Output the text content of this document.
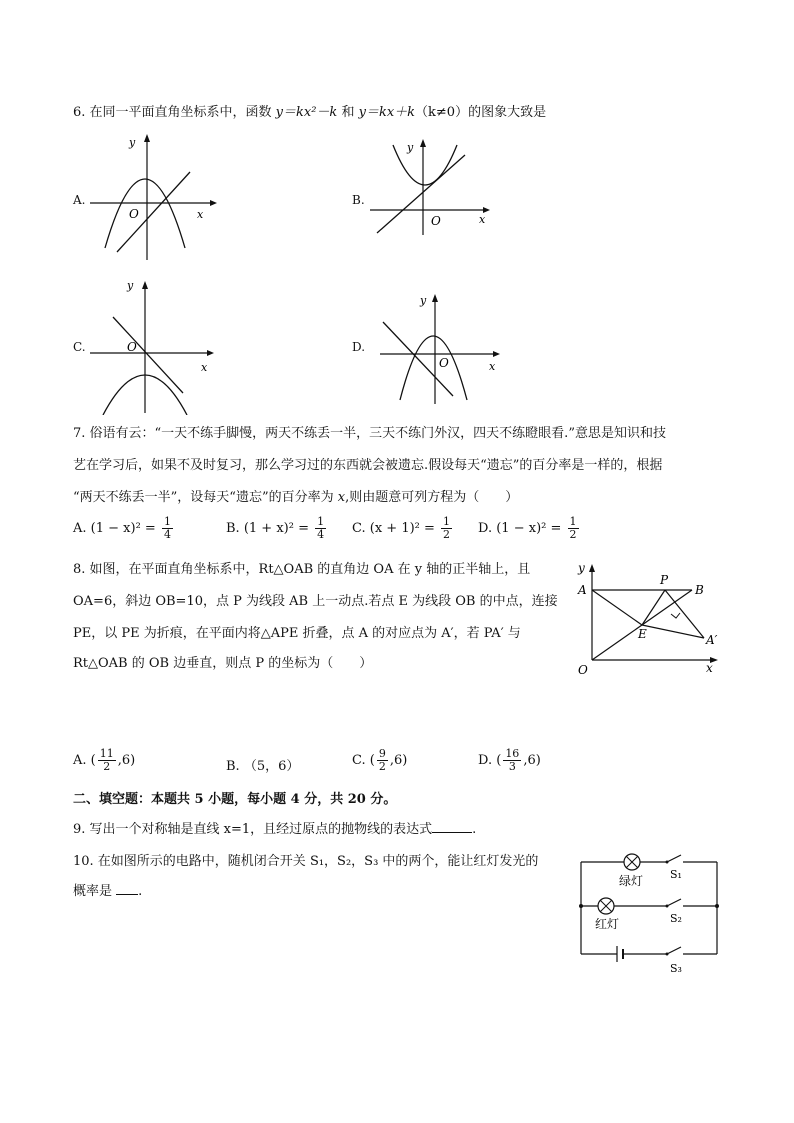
6. 在同一平面直角坐标系中，函数 y＝kx²－k 和 y＝kx＋k（k≠0）的图象大致是
A.
y
x
O
B.
y
x
O
C.
y
x
O	D.
y
x
O
7. 俗语有云：“一天不练手脚慢，两天不练丢一半，三天不练门外汉，四天不练瞪眼看.”意思是知识和技
艺在学习后，如果不及时复习，那么学习过的东西就会被遗忘.假设每天“遗忘”的百分率是一样的，根据
“两天不练丢一半”，设每天“遗忘”的百分率为 x,则由题意可列方程为（　　）
A. $(1 - x)^2 = \frac{1}{4}$	B. $(1 + x)^2 = \frac{1}{4} C$. $(x + 1)^2 = \frac{1}{2} D$. $(1 - x)^2 = \frac{1}{2}$
8. 如图，在平面直角坐标系中，Rt△OAB 的直角边 OA 在 y 轴的正半轴上，且
OA=6，斜边 OB=10，点 P 为线段 AB 上一动点.若点 E 为线段 OB 的中点，连接
PE，以 PE 为折痕，在平面内将△APE 折叠，点 A 的对应点为 A′，若 PA′ 与
Rt△OAB 的 OB 边垂直，则点 P 的坐标为（　　）
y
x
O
A
P
B
E	A′
A. ( $\frac{11}{2} ,6$)	B. （5，6）	C. ( $\frac{9}{2} ,6$)	D. ( $\frac{16}{3} ,6$)
二、填空题：本题共 5 小题，每小题 4 分，共 20 分。
9. 写出一个对称轴是直线 x=1，且经过原点的抛物线的表达式	.
10. 在如图所示的电路中，随机闭合开关 S₁，S₂，S₃ 中的两个，能让红灯发光的
概率是 .
绿灯 S₁
红灯	S₂
S₃
